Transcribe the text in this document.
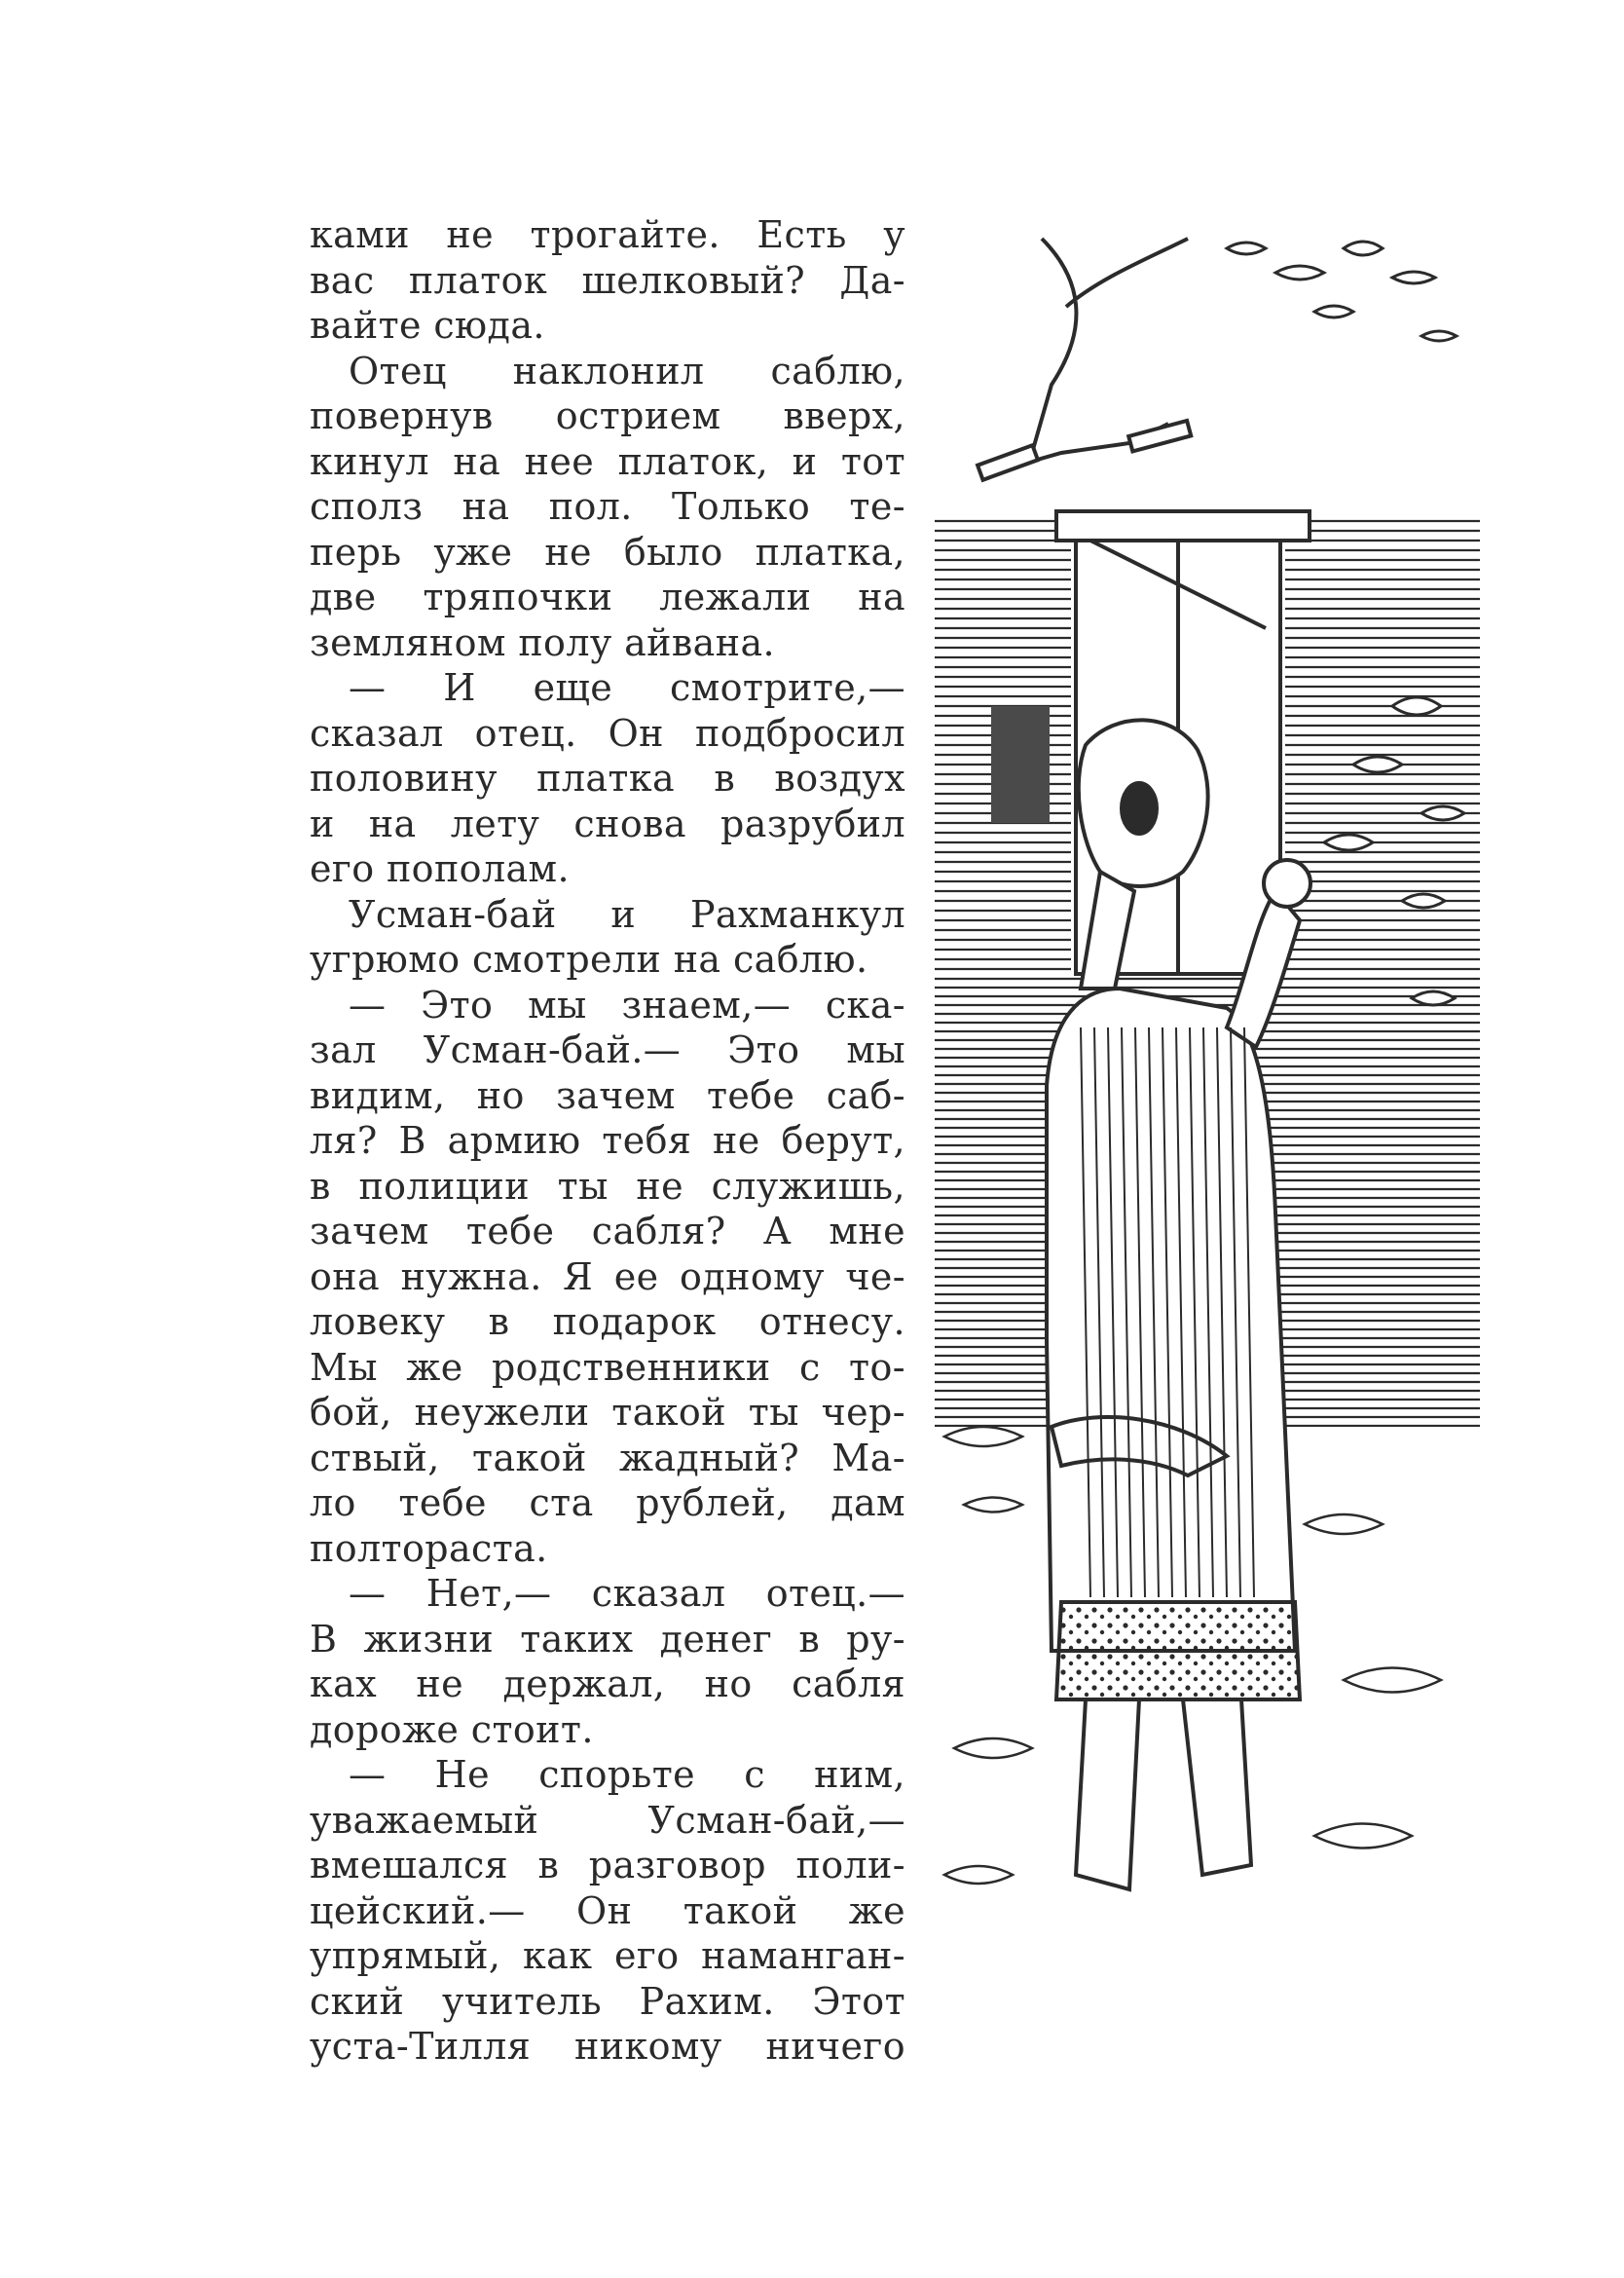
ками не трогайте. Есть у
вас платок шелковый? Да-
вайте сюда.
Отец наклонил саблю,
повернув острием вверх,
кинул на нее платок, и тот
сполз на пол. Только те-
перь уже не было платка,
две тряпочки лежали на
земляном полу айвана.
— И еще смотрите,—
сказал отец. Он подбросил
половину платка в воздух
и на лету снова разрубил
его пополам.
Усман-бай и Рахманкул
угрюмо смотрели на саблю.
— Это мы знаем,— ска-
зал Усман-бай.— Это мы
видим, но зачем тебе саб-
ля? В армию тебя не берут,
в полиции ты не служишь,
зачем тебе сабля? А мне
она нужна. Я ее одному че-
ловеку в подарок отнесу.
Мы же родственники с то-
бой, неужели такой ты чер-
ствый, такой жадный? Ма-
ло тебе ста рублей, дам
полтораста.
— Нет,— сказал отец.—
В жизни таких денег в ру-
ках не держал, но сабля
дороже стоит.
— Не спорьте с ним,
уважаемый Усман-бай,—
вмешался в разговор поли-
цейский.— Он такой же
упрямый, как его наманган-
ский учитель Рахим. Этот
уста-Тилля никому ничего
